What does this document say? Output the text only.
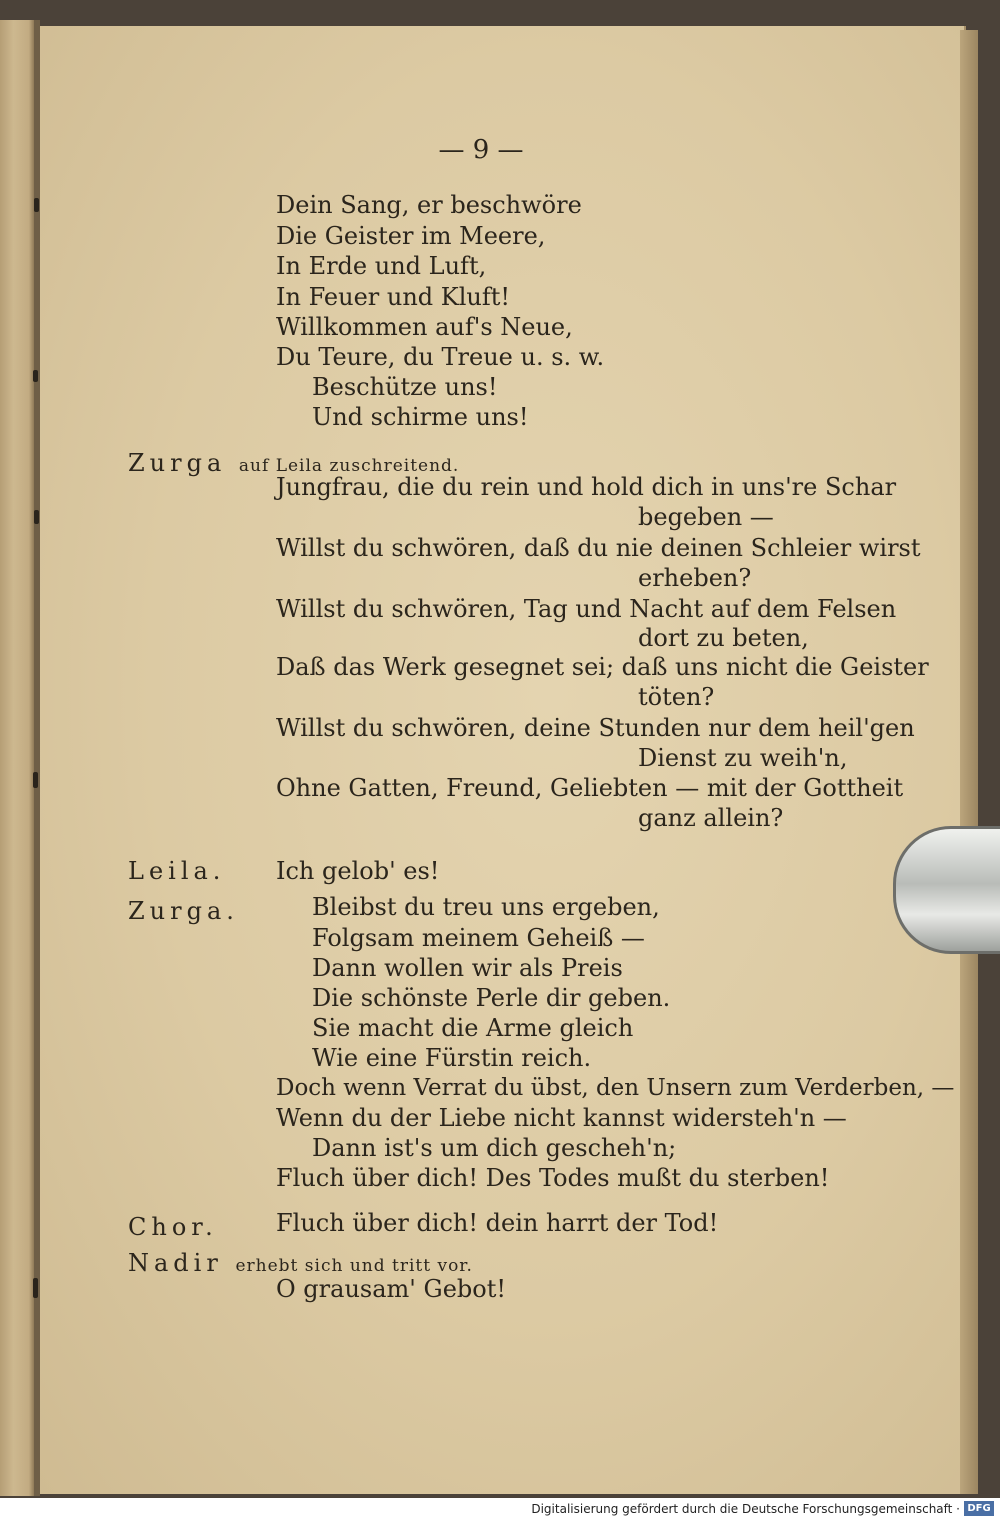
— 9 —

Dein Sang, er beschwöre

Die Geister im Meere,

In Erde und Luft,

In Feuer und Kluft!

Willkommen auf's Neue,

Du Teure, du Treue u. s. w.

Beschütze uns!

Und schirme uns!

Zurga auf Leila zuschreitend.

Jungfrau, die du rein und hold dich in uns're Schar

begeben —

Willst du schwören, daß du nie deinen Schleier wirst

erheben?

Willst du schwören, Tag und Nacht auf dem Felsen

dort zu beten,

Daß das Werk gesegnet sei; daß uns nicht die Geister

töten?

Willst du schwören, deine Stunden nur dem heil'gen

Dienst zu weih'n,

Ohne Gatten, Freund, Geliebten — mit der Gottheit

ganz allein?

Leila. Ich gelob' es!

Zurga.	Bleibst du treu uns ergeben,

Folgsam meinem Geheiß —

Dann wollen wir als Preis

Die schönste Perle dir geben.

Sie macht die Arme gleich

Wie eine Fürstin reich.

Doch wenn Verrat du übst, den Unsern zum Verderben, —

Wenn du der Liebe nicht kannst widersteh'n —

Dann ist's um dich gescheh'n;

Fluch über dich! Des Todes mußt du sterben!

Chor. Fluch über dich! dein harrt der Tod!

Nadir erhebt sich und tritt vor.

O grausam' Gebot!

Digitalisierung gefördert durch die Deutsche Forschungsgemeinschaft · DFG
